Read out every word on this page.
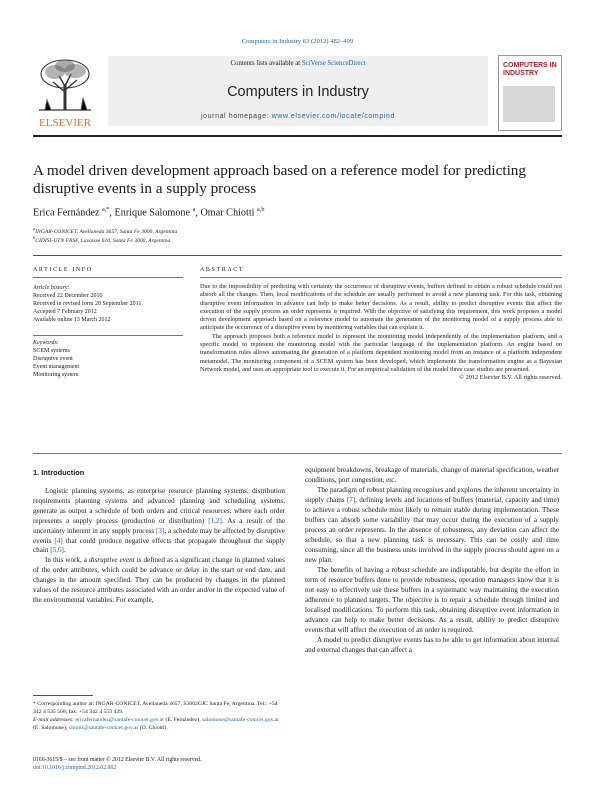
Computers in Industry 63 (2012) 482–499
ELSEVIER
Contents lists available at SciVerse ScienceDirect
Computers in Industry
journal homepage: www.elsevier.com/locate/compind
COMPUTERS IN
INDUSTRY
A model driven development approach based on a reference model for predicting disruptive events in a supply process
Erica Fernández $^{a,*}$, Enrique Salomone $^a$, Omar Chiotti $^{a,b}$
$^a$INGAR-CONICET, Avellaneda 3657, Santa Fe 3000, Argentina
$^b$CIDISI-UTN FRSF, Lavaisse 610, Santa Fe 3000, Argentina
ARTICLE INFO
Article history:
Received 22 December 2010
Received in revised form 28 September 2011
Accepted 7 February 2012
Available online 13 March 2012
Keywords:
SCEM systems
Disruptive event
Event management
Monitoring system
ABSTRACT

Due to the impossibility of predicting with certainty the occurrence of disruptive events, buffers defined to obtain a robust schedule could not absorb all the changes. Then, local modifications of the schedule are usually performed to avoid a new planning task. For this task, obtaining disruptive event information in advance can help to make better decisions. As a result, ability to predict disruptive events that affect the execution of the supply process an order represents is required. With the objective of satisfying this requirement, this work proposes a model driven development approach based on a reference model to automate the generation of the monitoring model of a supply process able to anticipate the occurrence of a disruptive event by monitoring variables that can explain it.

The approach proposes both a reference model to represent the monitoring model independently of the implementation platform, and a specific model to represent the monitoring model with the particular language of the implementation platform. An engine based on transformation rules allows automating the generation of a platform dependent monitoring model from an instance of a platform independent metamodel. The monitoring component of a SCEM system has been developed, which implements the transformation engine as a Bayesian Network model, and uses an appropriate tool to execute it. For an empirical validation of the model three case studies are presented.

© 2012 Elsevier B.V. All rights reserved.

1. Introduction

Logistic planning systems, as enterprise resource planning systems, distribution requirements planning systems and advanced planning and scheduling systems, generate as output a schedule of both orders and critical resources, where each order represents a supply process (production or distribution) [1,2]. As a result of the uncertainty inherent in any supply process [3], a schedule may be affected by disruptive events [4] that could produce negative effects that propagate throughout the supply chain [5,6].

In this work, a disruptive event is defined as a significant change in planned values of the order attributes, which could be advance or delay in the start or end date, and changes in the amount specified. They can be produced by changes in the planned values of the resource attributes associated with an order and/or in the expected value of the environmental variables. For example,

* Corresponding author at: INGAR-CONICET, Avellaneda 3657, S3002GJC Santa Fe, Argentina. Tel.: +54 342 4 535 568; fax: +54 342 4 553 439.
E-mail addresses: ericafernandez@santafe-conicet.gov.ar (E. Fernández), salomone@santafe-conicet.gov.ar (E. Salomone), chiotti@santafe-conicet.gov.ar (O. Chiotti).
0166-3615/$ – see front matter © 2012 Elsevier B.V. All rights reserved.
doi:10.1016/j.compind.2012.02.002

equipment breakdowns, breakage of materials, change of material specification, weather conditions, port congestion, etc.

The paradigm of robust planning recognises and explores the inherent uncertainty in supply chains [7], defining levels and locations of buffers (material, capacity and time) to achieve a robust schedule most likely to remain stable during implementation. These buffers can absorb some variability that may occur during the execution of a supply process an order represents. In the absence of robustness, any deviation can affect the schedule, so that a new planning task is necessary. This can be costly and time consuming, since all the business units involved in the supply process should agree on a new plan.

The benefits of having a robust schedule are indisputable, but despite the effort in term of resource buffers done to provide robustness, operation managers know that it is not easy to effectively use these buffers in a systematic way maintaining the execution adherence to planned targets. The objective is to repair a schedule through limited and localised modifications. To perform this task, obtaining disruptive event information in advance can help to make better decisions. As a result, ability to predict disruptive events that will affect the execution of an order is required.

A model to predict disruptive events has to be able to get information about internal and external changes that can affect a
